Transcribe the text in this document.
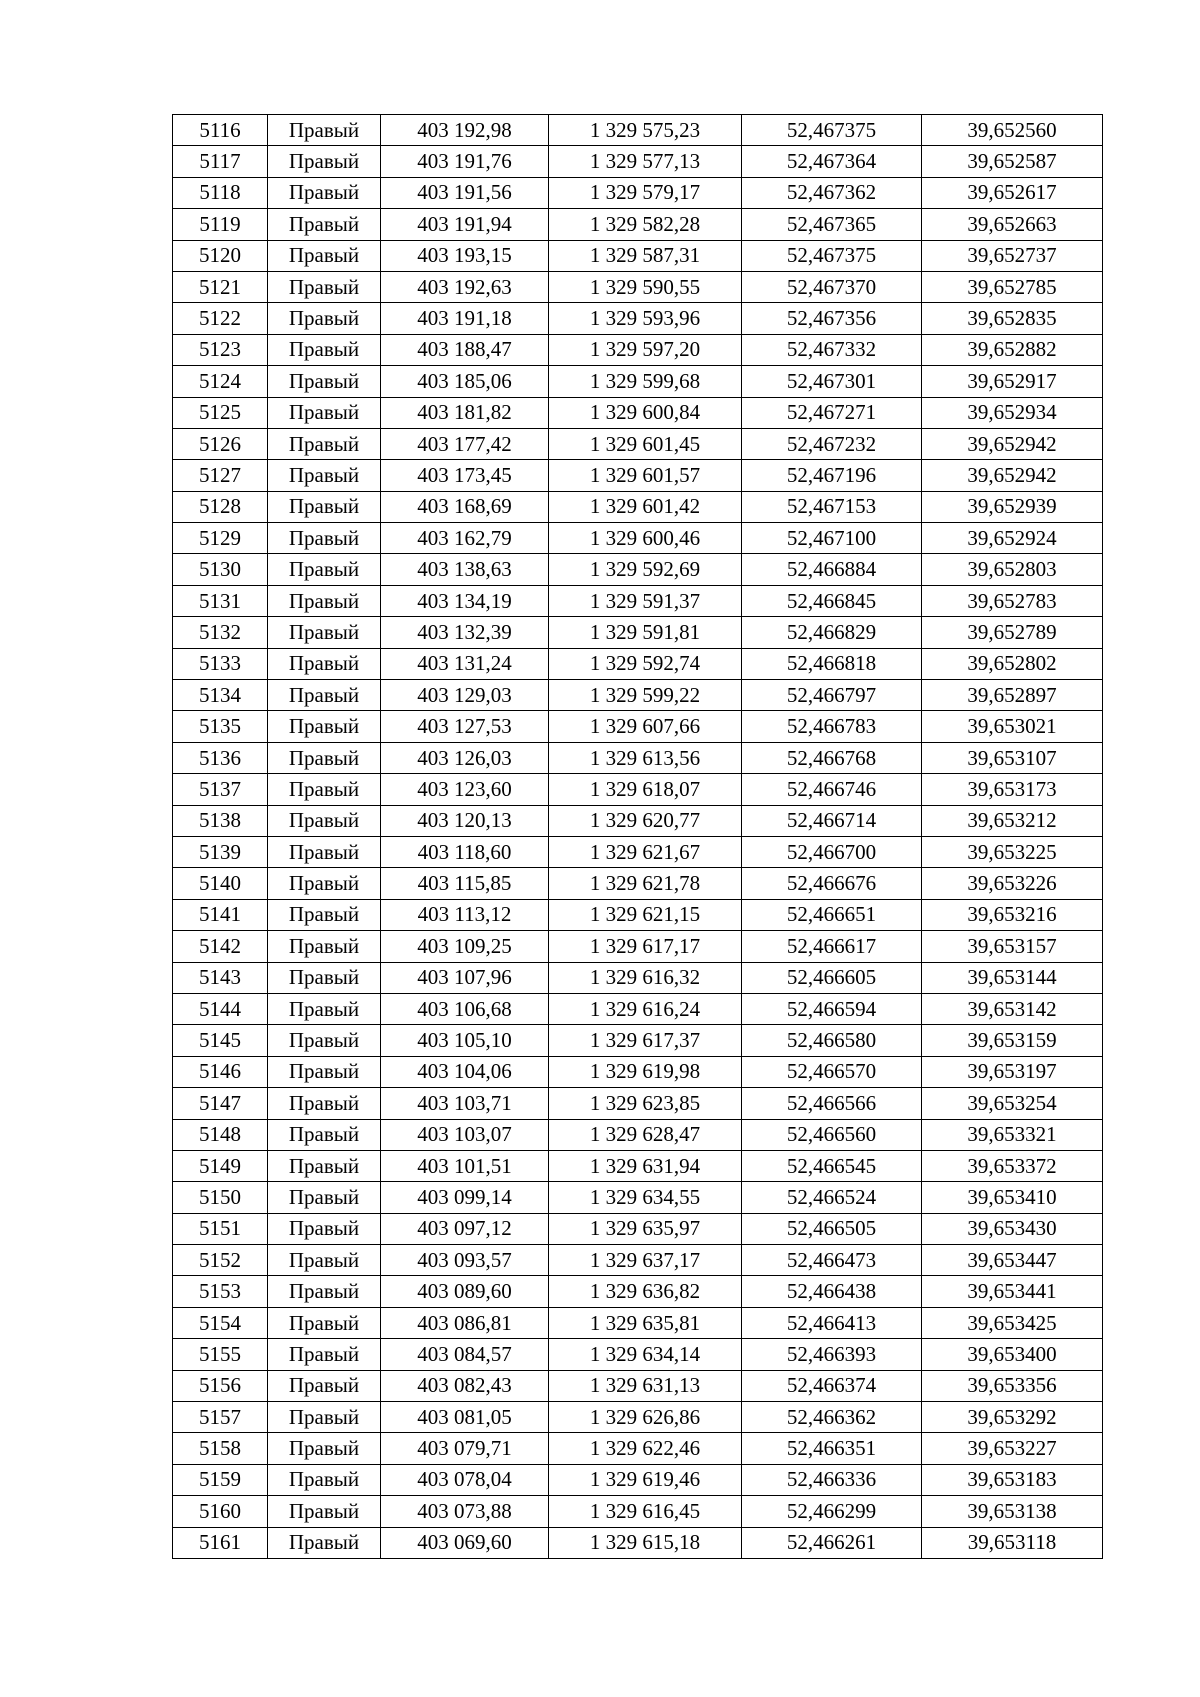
5116	Правый	403 192,98	1 329 575,23	52,467375	39,652560
5117	Правый	403 191,76	1 329 577,13	52,467364	39,652587
5118	Правый	403 191,56	1 329 579,17	52,467362	39,652617
5119	Правый	403 191,94	1 329 582,28	52,467365	39,652663
5120	Правый	403 193,15	1 329 587,31	52,467375	39,652737
5121	Правый	403 192,63	1 329 590,55	52,467370	39,652785
5122	Правый	403 191,18	1 329 593,96	52,467356	39,652835
5123	Правый	403 188,47	1 329 597,20	52,467332	39,652882
5124	Правый	403 185,06	1 329 599,68	52,467301	39,652917
5125	Правый	403 181,82	1 329 600,84	52,467271	39,652934
5126	Правый	403 177,42	1 329 601,45	52,467232	39,652942
5127	Правый	403 173,45	1 329 601,57	52,467196	39,652942
5128	Правый	403 168,69	1 329 601,42	52,467153	39,652939
5129	Правый	403 162,79	1 329 600,46	52,467100	39,652924
5130	Правый	403 138,63	1 329 592,69	52,466884	39,652803
5131	Правый	403 134,19	1 329 591,37	52,466845	39,652783
5132	Правый	403 132,39	1 329 591,81	52,466829	39,652789
5133	Правый	403 131,24	1 329 592,74	52,466818	39,652802
5134	Правый	403 129,03	1 329 599,22	52,466797	39,652897
5135	Правый	403 127,53	1 329 607,66	52,466783	39,653021
5136	Правый	403 126,03	1 329 613,56	52,466768	39,653107
5137	Правый	403 123,60	1 329 618,07	52,466746	39,653173
5138	Правый	403 120,13	1 329 620,77	52,466714	39,653212
5139	Правый	403 118,60	1 329 621,67	52,466700	39,653225
5140	Правый	403 115,85	1 329 621,78	52,466676	39,653226
5141	Правый	403 113,12	1 329 621,15	52,466651	39,653216
5142	Правый	403 109,25	1 329 617,17	52,466617	39,653157
5143	Правый	403 107,96	1 329 616,32	52,466605	39,653144
5144	Правый	403 106,68	1 329 616,24	52,466594	39,653142
5145	Правый	403 105,10	1 329 617,37	52,466580	39,653159
5146	Правый	403 104,06	1 329 619,98	52,466570	39,653197
5147	Правый	403 103,71	1 329 623,85	52,466566	39,653254
5148	Правый	403 103,07	1 329 628,47	52,466560	39,653321
5149	Правый	403 101,51	1 329 631,94	52,466545	39,653372
5150	Правый	403 099,14	1 329 634,55	52,466524	39,653410
5151	Правый	403 097,12	1 329 635,97	52,466505	39,653430
5152	Правый	403 093,57	1 329 637,17	52,466473	39,653447
5153	Правый	403 089,60	1 329 636,82	52,466438	39,653441
5154	Правый	403 086,81	1 329 635,81	52,466413	39,653425
5155	Правый	403 084,57	1 329 634,14	52,466393	39,653400
5156	Правый	403 082,43	1 329 631,13	52,466374	39,653356
5157	Правый	403 081,05	1 329 626,86	52,466362	39,653292
5158	Правый	403 079,71	1 329 622,46	52,466351	39,653227
5159	Правый	403 078,04	1 329 619,46	52,466336	39,653183
5160	Правый	403 073,88	1 329 616,45	52,466299	39,653138
5161	Правый	403 069,60	1 329 615,18	52,466261	39,653118
